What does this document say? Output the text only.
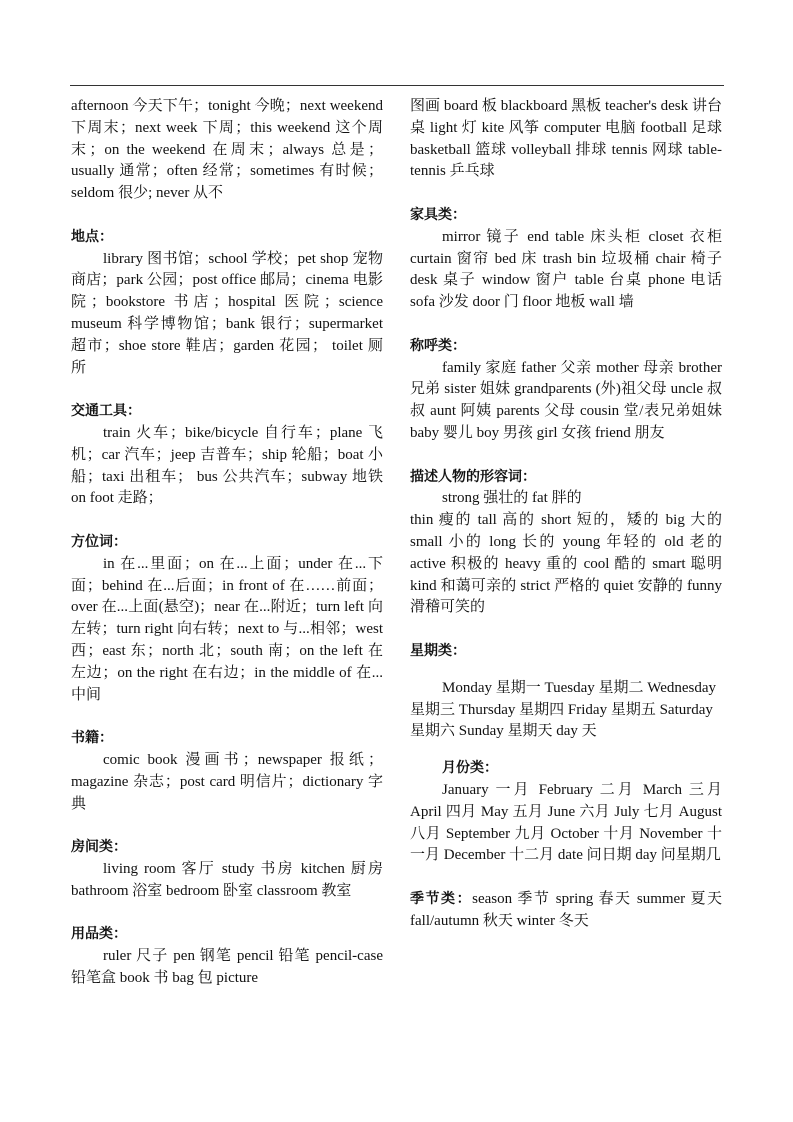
afternoon 今天下午；tonight 今晚；next weekend 下周末；next week 下周；this weekend 这个周末；on the weekend 在周末；always 总是；usually 通常；often 经常；sometimes 有时候；seldom 很少; never 从不

地点：

library 图书馆；school 学校；pet shop 宠物商店；park 公园；post office 邮局；cinema 电影院；bookstore 书店；hospital 医院；science museum 科学博物馆；bank 银行；supermarket 超市；shoe store 鞋店；garden 花园； toilet 厕所

交通工具：

train 火车；bike/bicycle 自行车；plane 飞机；car 汽车；jeep 吉普车；ship 轮船；boat 小船；taxi 出租车； bus 公共汽车；subway 地铁 on foot 走路；

方位词：

in 在...里面；on 在...上面；under 在...下面；behind 在...后面；in front of 在……前面；over 在...上面(悬空)；near 在...附近；turn left 向左转；turn right 向右转；next to 与...相邻；west 西；east 东；north 北；south 南；on the left 在左边；on the right 在右边；in the middle of 在...中间

书籍：

comic book 漫画书；newspaper 报纸；magazine 杂志；post card 明信片；dictionary 字典

房间类：

living room 客厅 study 书房 kitchen 厨房 bathroom 浴室 bedroom 卧室 classroom 教室

用品类：

ruler 尺子 pen 钢笔 pencil 铅笔 pencil-case 铅笔盒 book 书 bag 包 picture

图画 board 板 blackboard 黑板 teacher's desk 讲台桌 light 灯 kite 风筝 computer 电脑 football 足球 basketball 篮球 volleyball 排球 tennis 网球 table-tennis 乒乓球

家具类：

mirror 镜子 end table 床头柜 closet 衣柜 curtain 窗帘 bed 床 trash bin 垃圾桶 chair 椅子 desk 桌子 window 窗户 table 台桌 phone 电话 sofa 沙发 door 门 floor 地板 wall 墙

称呼类：

family 家庭 father 父亲 mother 母亲 brother 兄弟 sister 姐妹 grandparents (外)祖父母 uncle 叔叔 aunt 阿姨 parents 父母 cousin 堂/表兄弟姐妹 baby 婴儿 boy 男孩 girl 女孩 friend 朋友

描述人物的形容词：

strong 强壮的 fat 胖的

thin 瘦的 tall 高的 short 短的，矮的 big 大的 small 小的 long 长的 young 年轻的 old 老的 active 积极的 heavy 重的 cool 酷的 smart 聪明 kind 和蔼可亲的 strict 严格的 quiet 安静的 funny 滑稽可笑的

星期类：

Monday 星期一 Tuesday 星期二 Wednesday 星期三 Thursday 星期四 Friday 星期五 Saturday 星期六 Sunday 星期天 day 天

月份类：

January 一月 February 二月 March 三月 April 四月 May 五月 June 六月 July 七月 August 八月 September 九月 October 十月 November 十一月 December 十二月 date 问日期 day 问星期几

季节类：season 季节 spring 春天 summer 夏天 fall/autumn 秋天 winter 冬天
